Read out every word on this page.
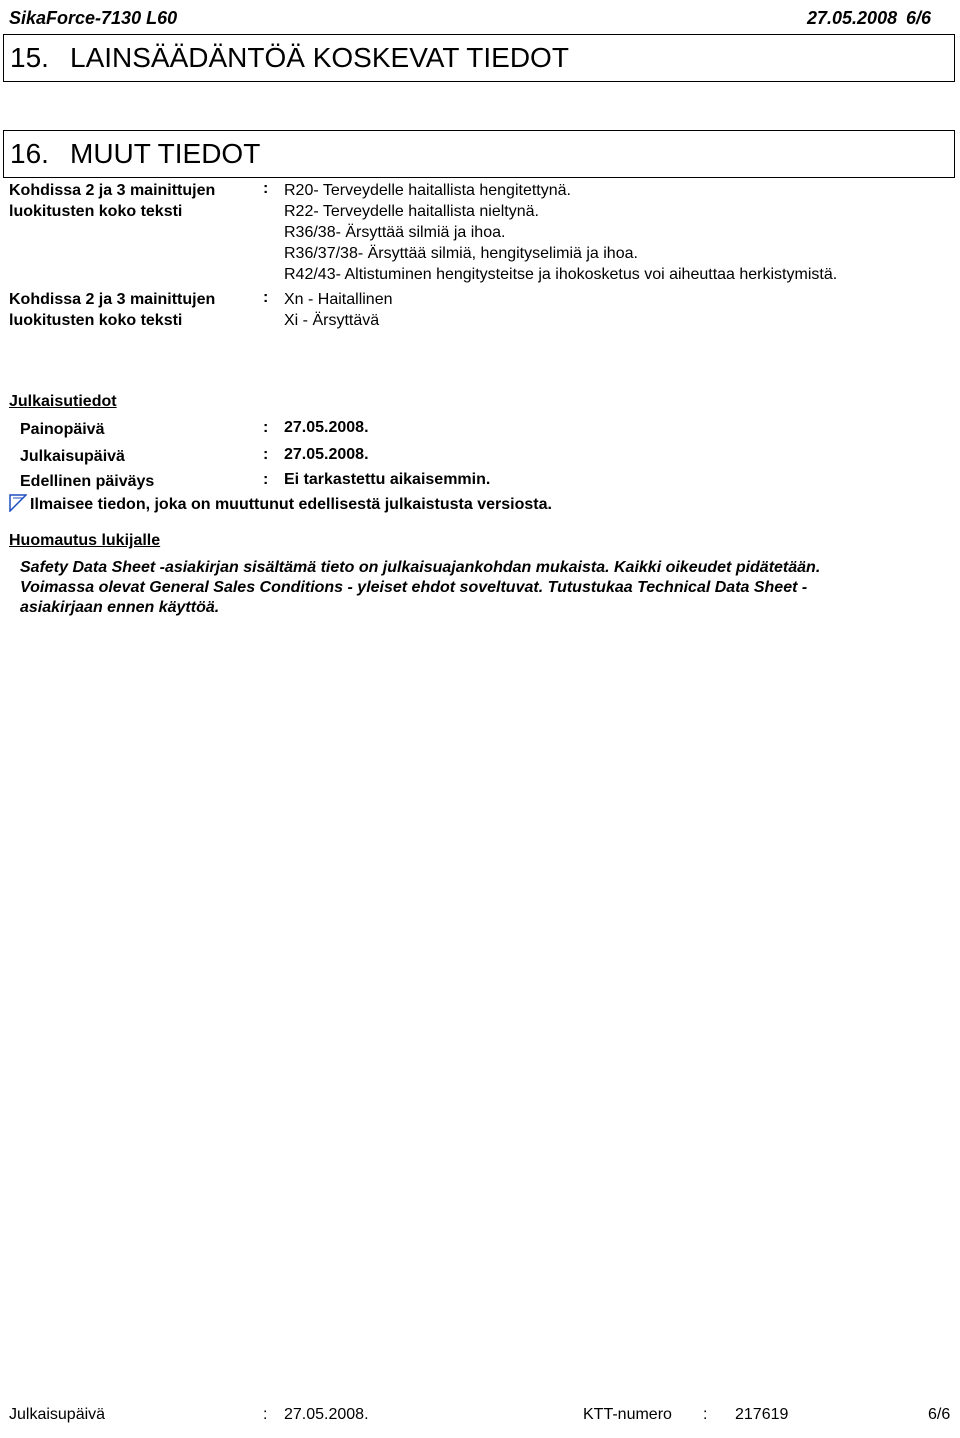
SikaForce-7130 L60	27.05.2008 6/6
15. LAINSÄÄDÄNTÖÄ KOSKEVAT TIEDOT
16. MUUT TIEDOT
Kohdissa 2 ja 3 mainittujen
luokitusten koko teksti
: R20- Terveydelle haitallista hengitettynä.
R22- Terveydelle haitallista nieltynä.
R36/38- Ärsyttää silmiä ja ihoa.
R36/37/38- Ärsyttää silmiä, hengityselimiä ja ihoa.
R42/43- Altistuminen hengitysteitse ja ihokosketus voi aiheuttaa herkistymistä.
Kohdissa 2 ja 3 mainittujen
luokitusten koko teksti
: Xn - Haitallinen
Xi - Ärsyttävä
Julkaisutiedot
Painopäivä	: 27.05.2008.
Julkaisupäivä	: 27.05.2008.
Edellinen päiväys	: Ei tarkastettu aikaisemmin.
Ilmaisee tiedon, joka on muuttunut edellisestä julkaistusta versiosta.
Huomautus lukijalle
Safety Data Sheet -asiakirjan sisältämä tieto on julkaisuajankohdan mukaista. Kaikki oikeudet pidätetään.
Voimassa olevat General Sales Conditions - yleiset ehdot soveltuvat. Tutustukaa Technical Data Sheet -
asiakirjaan ennen käyttöä.
Julkaisupäivä	: 27.05.2008.	KTT-numero : 217619	6/6
